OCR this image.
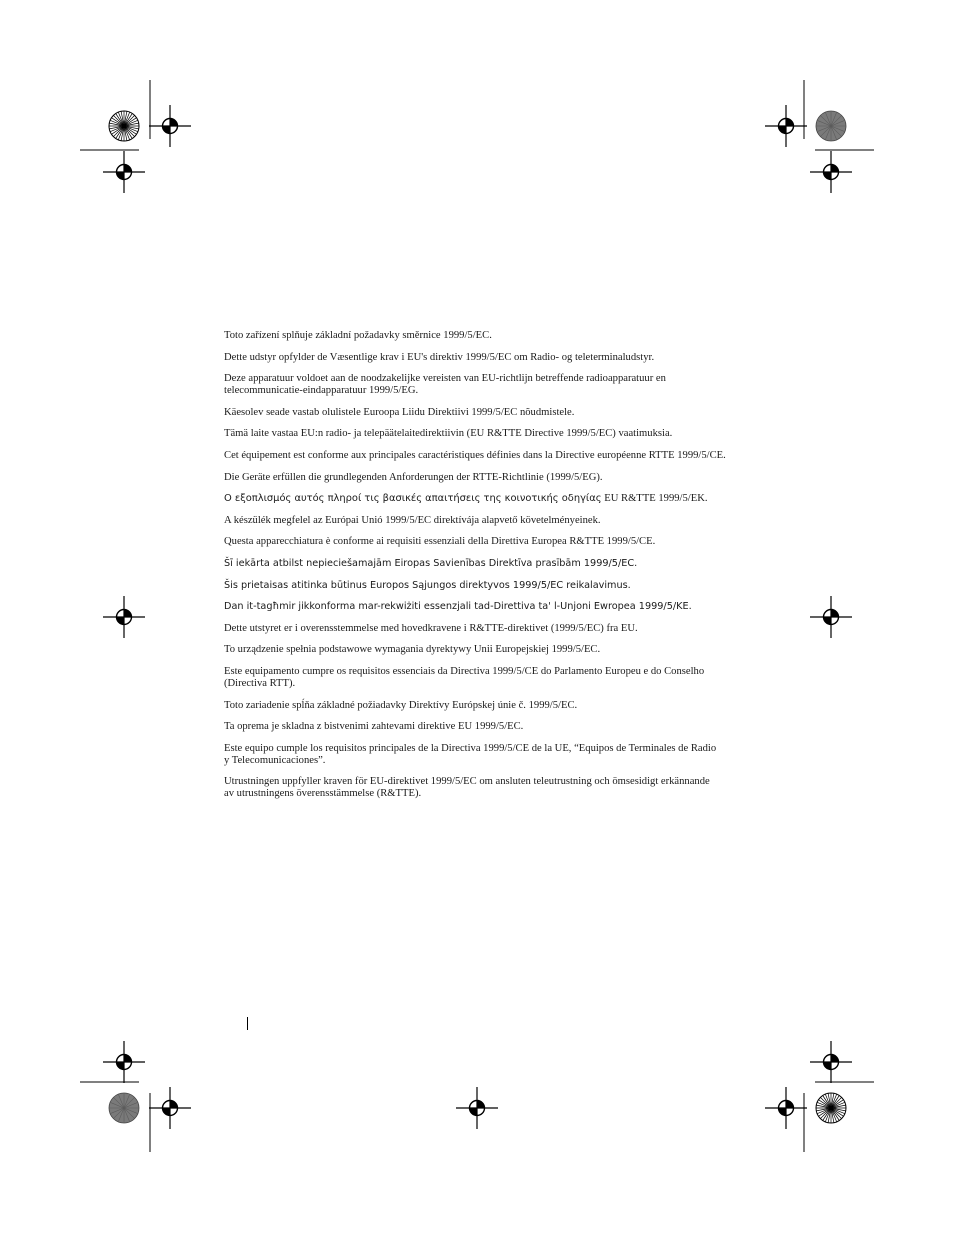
Toto zařízení splňuje základní požadavky směrnice 1999/5/EC.

Dette udstyr opfylder de Væsentlige krav i EU's direktiv 1999/5/EC om Radio- og teleterminaludstyr.

Deze apparatuur voldoet aan de noodzakelijke vereisten van EU-richtlijn betreffende radioapparatuur en
telecommunicatie-eindapparatuur 1999/5/EG.

Käesolev seade vastab olulistele Euroopa Liidu Direktiivi 1999/5/EC nõudmistele.

Tämä laite vastaa EU:n radio- ja telepäätelaitedirektiivin (EU R&TTE Directive 1999/5/EC) vaatimuksia.

Cet équipement est conforme aux principales caractéristiques définies dans la Directive européenne RTTE 1999/5/CE.

Die Geräte erfüllen die grundlegenden Anforderungen der RTTE-Richtlinie (1999/5/EG).

Ο εξοπλισμός αυτός πληροί τις βασικές απαιτήσεις της κοινοτικής οδηγίας EU R&TTE 1999/5/EK.

A készülék megfelel az Európai Unió 1999/5/EC direktívája alapvető követelményeinek.

Questa apparecchiatura è conforme ai requisiti essenziali della Direttiva Europea R&TTE 1999/5/CE.

Šī iekārta atbilst nepieciešamajām Eiropas Savienības Direktīva prasībām 1999/5/EC.

Šis prietaisas atitinka būtinus Europos Sąjungos direktyvos 1999/5/EC reikalavimus.

Dan it-tagħmir jikkonforma mar-rekwiżiti essenzjali tad-Direttiva ta' l-Unjoni Ewropea 1999/5/KE.

Dette utstyret er i overensstemmelse med hovedkravene i R&TTE-direktivet (1999/5/EC) fra EU.

To urządzenie spełnia podstawowe wymagania dyrektywy Unii Europejskiej 1999/5/EC.

Este equipamento cumpre os requisitos essenciais da Directiva 1999/5/CE do Parlamento Europeu e do Conselho
(Directiva RTT).

Toto zariadenie spĺňa základné požiadavky Direktívy Európskej únie č. 1999/5/EC.

Ta oprema je skladna z bistvenimi zahtevami direktive EU 1999/5/EC.

Este equipo cumple los requisitos principales de la Directiva 1999/5/CE de la UE, “Equipos de Terminales de Radio
y Telecomunicaciones”.

Utrustningen uppfyller kraven för EU-direktivet 1999/5/EC om ansluten teleutrustning och ömsesidigt erkännande
av utrustningens överensstämmelse (R&TTE).
